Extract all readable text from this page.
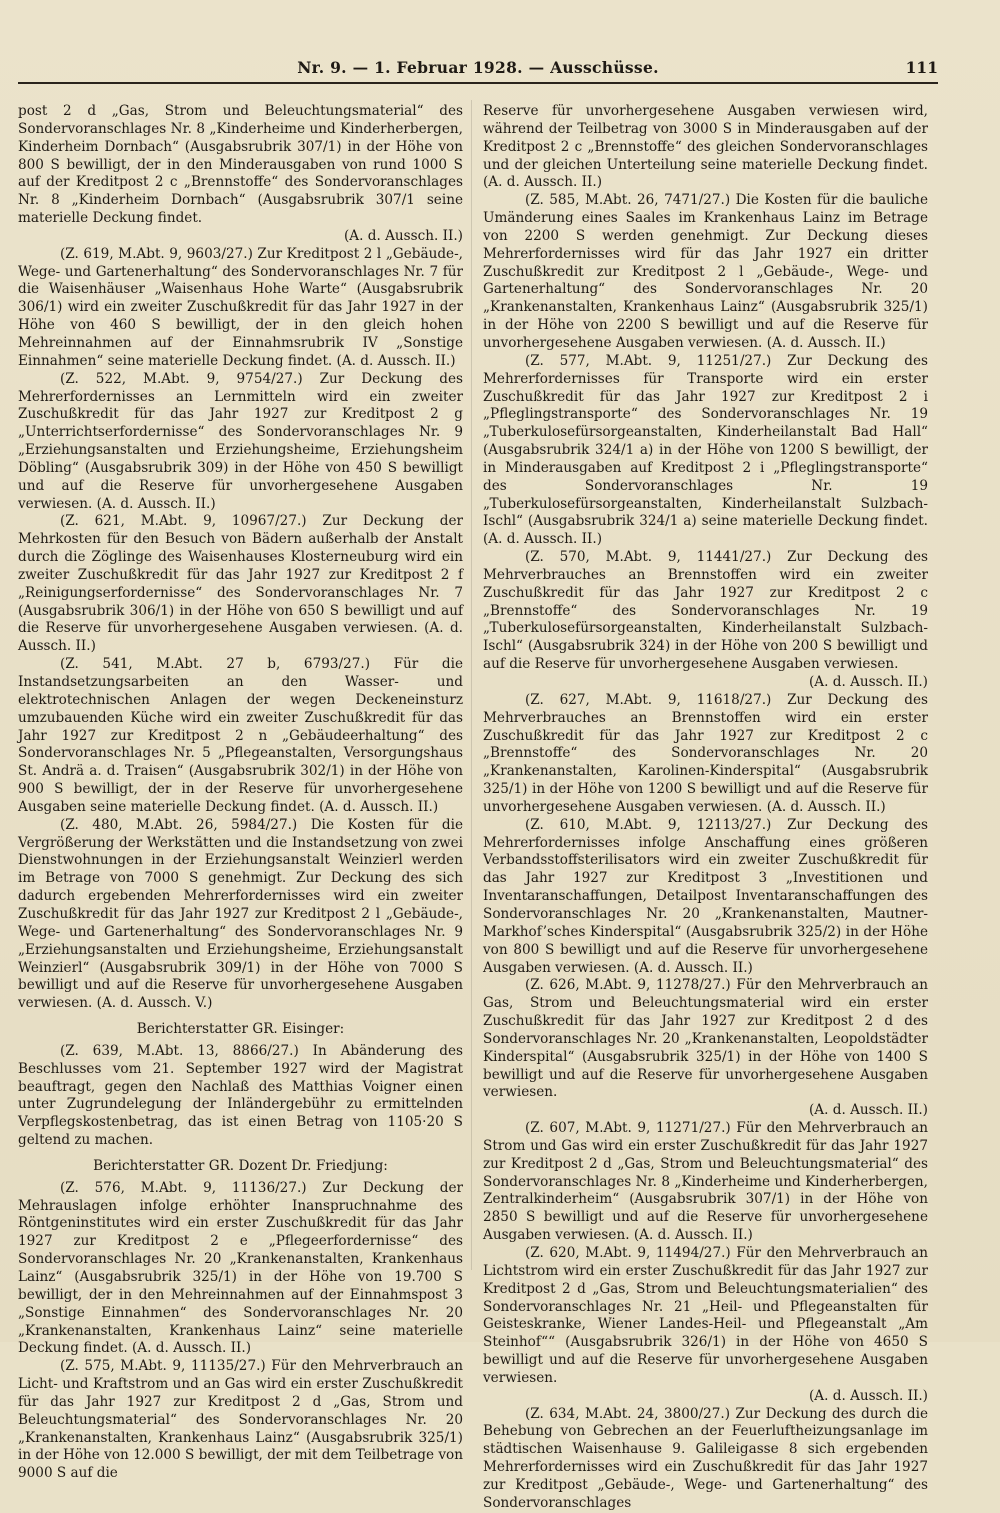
Nr. 9. — 1. Februar 1928. — Ausschüsse.	111

post 2 d „Gas, Strom und Beleuchtungsmaterial“ des Sondervoranschlages Nr. 8 „Kinderheime und Kinderherbergen, Kinderheim Dornbach“ (Ausgabsrubrik 307/1) in der Höhe von 800 S bewilligt, der in den Minderausgaben von rund 1000 S auf der Kreditpost 2 c „Brennstoffe“ des Sondervoranschlages Nr. 8 „Kinderheim Dornbach“ (Ausgabsrubrik 307/1 seine materielle Deckung findet.

(A. d. Aussch. II.)

(Z. 619, M.Abt. 9, 9603/27.) Zur Kreditpost 2 l „Gebäude-, Wege- und Gartenerhaltung“ des Sondervoranschlages Nr. 7 für die Waisenhäuser „Waisenhaus Hohe Warte“ (Ausgabsrubrik 306/1) wird ein zweiter Zuschußkredit für das Jahr 1927 in der Höhe von 460 S bewilligt, der in den gleich hohen Mehreinnahmen auf der Einnahmsrubrik IV „Sonstige Einnahmen“ seine materielle Deckung findet. (A. d. Aussch. II.)

(Z. 522, M.Abt. 9, 9754/27.) Zur Deckung des Mehrerfordernisses an Lernmitteln wird ein zweiter Zuschußkredit für das Jahr 1927 zur Kreditpost 2 g „Unterrichtserfordernisse“ des Sondervoranschlages Nr. 9 „Erziehungsanstalten und Erziehungsheime, Erziehungsheim Döbling“ (Ausgabsrubrik 309) in der Höhe von 450 S bewilligt und auf die Reserve für unvorhergesehene Ausgaben verwiesen. (A. d. Aussch. II.)

(Z. 621, M.Abt. 9, 10967/27.) Zur Deckung der Mehrkosten für den Besuch von Bädern außerhalb der Anstalt durch die Zöglinge des Waisenhauses Klosterneuburg wird ein zweiter Zuschußkredit für das Jahr 1927 zur Kreditpost 2 f „Reinigungserfordernisse“ des Sondervoranschlages Nr. 7 (Ausgabsrubrik 306/1) in der Höhe von 650 S bewilligt und auf die Reserve für unvorhergesehene Ausgaben verwiesen. (A. d. Aussch. II.)

(Z. 541, M.Abt. 27 b, 6793/27.) Für die Instandsetzungsarbeiten an den Wasser- und elektrotechnischen Anlagen der wegen Deckeneinsturz umzubauenden Küche wird ein zweiter Zuschußkredit für das Jahr 1927 zur Kreditpost 2 n „Gebäudeerhaltung“ des Sondervoranschlages Nr. 5 „Pflegeanstalten, Versorgungshaus St. Andrä a. d. Traisen“ (Ausgabsrubrik 302/1) in der Höhe von 900 S bewilligt, der in der Reserve für unvorhergesehene Ausgaben seine materielle Deckung findet. (A. d. Aussch. II.)

(Z. 480, M.Abt. 26, 5984/27.) Die Kosten für die Vergrößerung der Werkstätten und die Instandsetzung von zwei Dienstwohnungen in der Erziehungsanstalt Weinzierl werden im Betrage von 7000 S genehmigt. Zur Deckung des sich dadurch ergebenden Mehrerfordernisses wird ein zweiter Zuschußkredit für das Jahr 1927 zur Kreditpost 2 l „Gebäude-, Wege- und Gartenerhaltung“ des Sondervoranschlages Nr. 9 „Erziehungsanstalten und Erziehungsheime, Erziehungsanstalt Weinzierl“ (Ausgabsrubrik 309/1) in der Höhe von 7000 S bewilligt und auf die Reserve für unvorhergesehene Ausgaben verwiesen. (A. d. Aussch. V.)

Berichterstatter GR. Eisinger:

(Z. 639, M.Abt. 13, 8866/27.) In Abänderung des Beschlusses vom 21. September 1927 wird der Magistrat beauftragt, gegen den Nachlaß des Matthias Voigner einen unter Zugrundelegung der Inländergebühr zu ermittelnden Verpflegskostenbetrag, das ist einen Betrag von 1105·20 S geltend zu machen.

Berichterstatter GR. Dozent Dr. Friedjung:

(Z. 576, M.Abt. 9, 11136/27.) Zur Deckung der Mehrauslagen infolge erhöhter Inanspruchnahme des Röntgeninstitutes wird ein erster Zuschußkredit für das Jahr 1927 zur Kreditpost 2 e „Pflegeerfordernisse“ des Sondervoranschlages Nr. 20 „Krankenanstalten, Krankenhaus Lainz“ (Ausgabsrubrik 325/1) in der Höhe von 19.700 S bewilligt, der in den Mehreinnahmen auf der Einnahmspost 3 „Sonstige Einnahmen“ des Sondervoranschlages Nr. 20 „Krankenanstalten, Krankenhaus Lainz“ seine materielle Deckung findet. (A. d. Aussch. II.)

(Z. 575, M.Abt. 9, 11135/27.) Für den Mehrverbrauch an Licht- und Kraftstrom und an Gas wird ein erster Zuschußkredit für das Jahr 1927 zur Kreditpost 2 d „Gas, Strom und Beleuchtungsmaterial“ des Sondervoranschlages Nr. 20 „Krankenanstalten, Krankenhaus Lainz“ (Ausgabsrubrik 325/1) in der Höhe von 12.000 S bewilligt, der mit dem Teilbetrage von 9000 S auf die

Reserve für unvorhergesehene Ausgaben verwiesen wird, während der Teilbetrag von 3000 S in Minderausgaben auf der Kreditpost 2 c „Brennstoffe“ des gleichen Sondervoranschlages und der gleichen Unterteilung seine materielle Deckung findet. (A. d. Aussch. II.)

(Z. 585, M.Abt. 26, 7471/27.) Die Kosten für die bauliche Umänderung eines Saales im Krankenhaus Lainz im Betrage von 2200 S werden genehmigt. Zur Deckung dieses Mehrerfordernisses wird für das Jahr 1927 ein dritter Zuschußkredit zur Kreditpost 2 l „Gebäude-, Wege- und Gartenerhaltung“ des Sondervoranschlages Nr. 20 „Krankenanstalten, Krankenhaus Lainz“ (Ausgabsrubrik 325/1) in der Höhe von 2200 S bewilligt und auf die Reserve für unvorhergesehene Ausgaben verwiesen. (A. d. Aussch. II.)

(Z. 577, M.Abt. 9, 11251/27.) Zur Deckung des Mehrerfordernisses für Transporte wird ein erster Zuschußkredit für das Jahr 1927 zur Kreditpost 2 i „Pfleglingstransporte“ des Sondervoranschlages Nr. 19 „Tuberkulosefürsorgeanstalten, Kinderheilanstalt Bad Hall“ (Ausgabsrubrik 324/1 a) in der Höhe von 1200 S bewilligt, der in Minderausgaben auf Kreditpost 2 i „Pfleglingstransporte“ des Sondervoranschlages Nr. 19 „Tuberkulosefürsorgeanstalten, Kinderheilanstalt Sulzbach-Ischl“ (Ausgabsrubrik 324/1 a) seine materielle Deckung findet. (A. d. Aussch. II.)

(Z. 570, M.Abt. 9, 11441/27.) Zur Deckung des Mehrverbrauches an Brennstoffen wird ein zweiter Zuschußkredit für das Jahr 1927 zur Kreditpost 2 c „Brennstoffe“ des Sondervoranschlages Nr. 19 „Tuberkulosefürsorgeanstalten, Kinderheilanstalt Sulzbach-Ischl“ (Ausgabsrubrik 324) in der Höhe von 200 S bewilligt und auf die Reserve für unvorhergesehene Ausgaben verwiesen.

(A. d. Aussch. II.)

(Z. 627, M.Abt. 9, 11618/27.) Zur Deckung des Mehrverbrauches an Brennstoffen wird ein erster Zuschußkredit für das Jahr 1927 zur Kreditpost 2 c „Brennstoffe“ des Sondervoranschlages Nr. 20 „Krankenanstalten, Karolinen-Kinderspital“ (Ausgabsrubrik 325/1) in der Höhe von 1200 S bewilligt und auf die Reserve für unvorhergesehene Ausgaben verwiesen. (A. d. Aussch. II.)

(Z. 610, M.Abt. 9, 12113/27.) Zur Deckung des Mehrerfordernisses infolge Anschaffung eines größeren Verbandsstoffsterilisators wird ein zweiter Zuschußkredit für das Jahr 1927 zur Kreditpost 3 „Investitionen und Inventaranschaffungen, Detailpost Inventaranschaffungen des Sondervoranschlages Nr. 20 „Krankenanstalten, Mautner-Markhof’sches Kinderspital“ (Ausgabsrubrik 325/2) in der Höhe von 800 S bewilligt und auf die Reserve für unvorhergesehene Ausgaben verwiesen. (A. d. Aussch. II.)

(Z. 626, M.Abt. 9, 11278/27.) Für den Mehrverbrauch an Gas, Strom und Beleuchtungsmaterial wird ein erster Zuschußkredit für das Jahr 1927 zur Kreditpost 2 d des Sondervoranschlages Nr. 20 „Krankenanstalten, Leopoldstädter Kinderspital“ (Ausgabsrubrik 325/1) in der Höhe von 1400 S bewilligt und auf die Reserve für unvorhergesehene Ausgaben verwiesen.

(A. d. Aussch. II.)

(Z. 607, M.Abt. 9, 11271/27.) Für den Mehrverbrauch an Strom und Gas wird ein erster Zuschußkredit für das Jahr 1927 zur Kreditpost 2 d „Gas, Strom und Beleuchtungsmaterial“ des Sondervoranschlages Nr. 8 „Kinderheime und Kinderherbergen, Zentralkinderheim“ (Ausgabsrubrik 307/1) in der Höhe von 2850 S bewilligt und auf die Reserve für unvorhergesehene Ausgaben verwiesen. (A. d. Aussch. II.)

(Z. 620, M.Abt. 9, 11494/27.) Für den Mehrverbrauch an Lichtstrom wird ein erster Zuschußkredit für das Jahr 1927 zur Kreditpost 2 d „Gas, Strom und Beleuchtungsmaterialien“ des Sondervoranschlages Nr. 21 „Heil- und Pflegeanstalten für Geisteskranke, Wiener Landes-Heil- und Pflegeanstalt „Am Steinhof““ (Ausgabsrubrik 326/1) in der Höhe von 4650 S bewilligt und auf die Reserve für unvorhergesehene Ausgaben verwiesen.

(A. d. Aussch. II.)

(Z. 634, M.Abt. 24, 3800/27.) Zur Deckung des durch die Behebung von Gebrechen an der Feuerluftheizungsanlage im städtischen Waisenhause 9. Galileigasse 8 sich ergebenden Mehrerfordernisses wird ein Zuschußkredit für das Jahr 1927 zur Kreditpost „Gebäude-, Wege- und Gartenerhaltung“ des Sondervoranschlages
